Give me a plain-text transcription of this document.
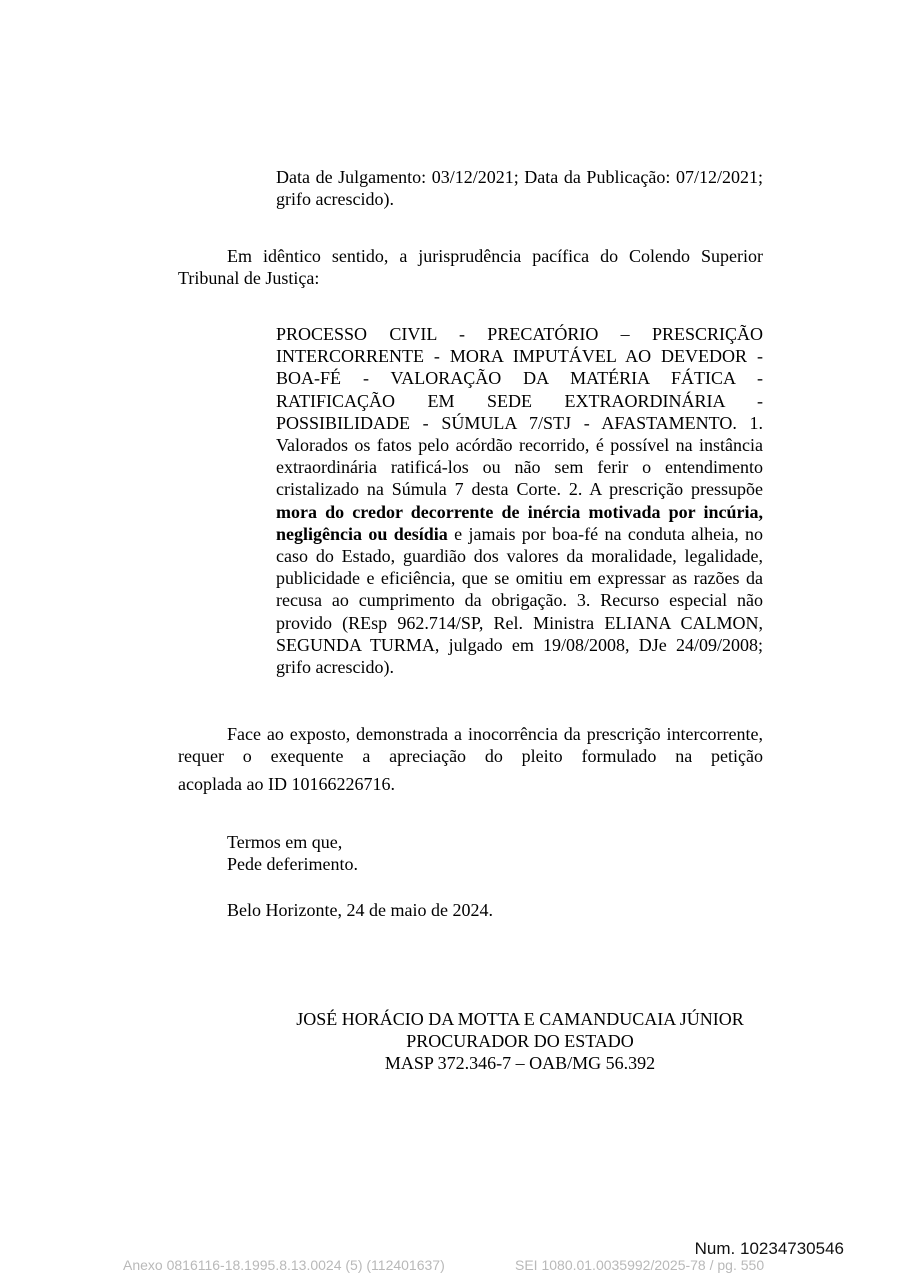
Data de Julgamento: 03/12/2021; Data da Publicação: 07/12/2021; grifo acrescido).
Em idêntico sentido, a jurisprudência pacífica do Colendo Superior Tribunal de Justiça:
PROCESSO CIVIL - PRECATÓRIO – PRESCRIÇÃO INTERCORRENTE - MORA IMPUTÁVEL AO DEVEDOR - BOA-FÉ - VALORAÇÃO DA MATÉRIA FÁTICA - RATIFICAÇÃO EM SEDE EXTRAORDINÁRIA - POSSIBILIDADE - SÚMULA 7/STJ - AFASTAMENTO. 1. Valorados os fatos pelo acórdão recorrido, é possível na instância extraordinária ratificá-los ou não sem ferir o entendimento cristalizado na Súmula 7 desta Corte. 2. A prescrição pressupõe mora do credor decorrente de inércia motivada por incúria, negligência ou desídia e jamais por boa-fé na conduta alheia, no caso do Estado, guardião dos valores da moralidade, legalidade, publicidade e eficiência, que se omitiu em expressar as razões da recusa ao cumprimento da obrigação. 3. Recurso especial não provido (REsp 962.714/SP, Rel. Ministra ELIANA CALMON, SEGUNDA TURMA, julgado em 19/08/2008, DJe 24/09/2008; grifo acrescido).
Face ao exposto, demonstrada a inocorrência da prescrição intercorrente, requer o exequente a apreciação do pleito formulado na petição acoplada ao ID 10166226716.
Termos em que,
Pede deferimento.
Belo Horizonte, 24 de maio de 2024.
JOSÉ HORÁCIO DA MOTTA E CAMANDUCAIA JÚNIOR
PROCURADOR DO ESTADO
MASP 372.346-7 – OAB/MG 56.392
Num. 10234730546
Anexo 0816116-18.1995.8.13.0024 (5) (112401637)	SEI 1080.01.0035992/2025-78 / pg. 550
